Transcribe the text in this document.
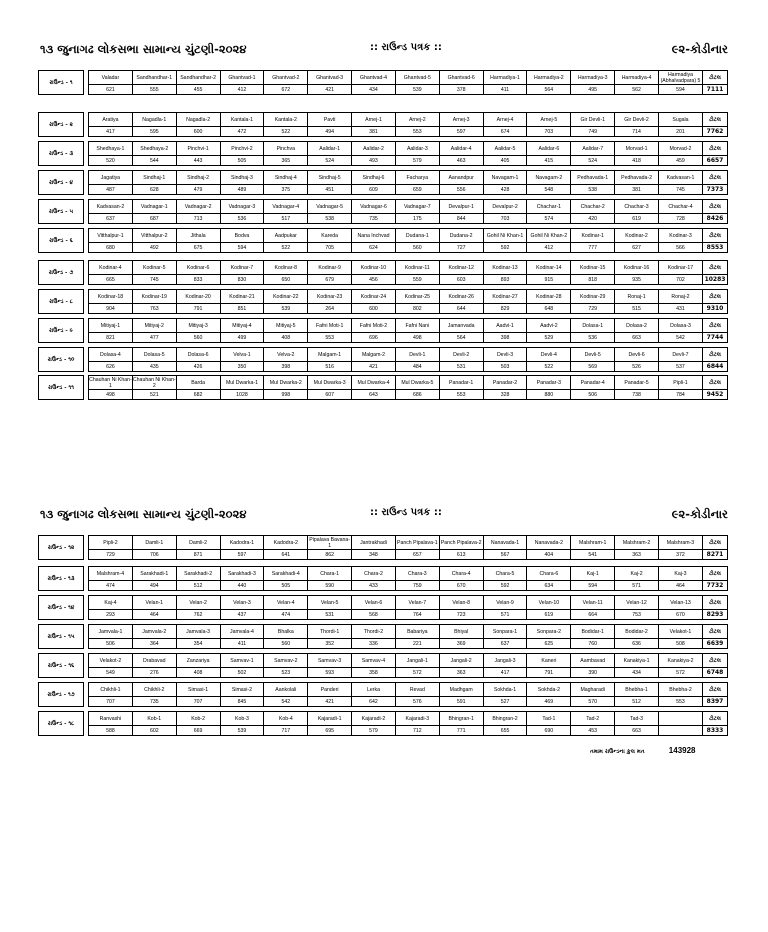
૧૩ જુનાગઢ લોકસભા સામાન્ય ચુંટણી-૨૦૨૪	:: રાઉન્ડ પત્રક ::	૯૨-કોડીનાર
રાઉન્ડ - ૧		Valadar	Sandhandhar-1	Sandhandhar-2	Ghantvad-1	Ghantvad-2	Ghantvad-3	Ghantvad-4	Ghantvad-5	Ghantvad-6	Harmadiya-1	Harmadiya-2	Harmadiya-3	Harmadiya-4	Harmadiya (Abhalvadpara) 5	ટોટલ
		621	555	455	412	672	421	434	539	378	411	564	495	562	594	7111
રાઉન્ડ - ૨		Aratiya	Nagadla-1	Nagadla-2	Kantala-1	Kantala-2	Pavti	Arnej-1	Arnej-2	Arnej-3	Arnej-4	Arnej-5	Gir Devli-1	Gir Devli-2	Sugala	ટોટલ
		417	595	600	472	522	494	381	553	597	674	703	749	714	201	7762
રાઉન્ડ - ૩		Shedhaya-1	Shedhaya-2	Pinchvi-1	Pinchvi-2	Pinchva	Aalidar-1	Aalidar-2	Aalidar-3	Aalidar-4	Aalidar-5	Aalidar-6	Aalidar-7	Morvad-1	Morvad-2	ટોટલ
		520	544	443	505	365	524	493	579	463	405	415	524	418	459	6657
રાઉન્ડ - ૪		Jagatiya	Sindhaj-1	Sindhaj-2	Sindhaj-3	Sindhaj-4	Sindhaj-5	Sindhaj-6	Facharya	Aanandpur	Navagam-1	Navagam-2	Pedhavada-1	Pedhavada-2	Kadvasan-1	ટોટલ
		487	628	479	489	375	451	609	659	556	428	548	538	381	745	7373
રાઉન્ડ - ૫		Kadvasan-2	Vadnagar-1	Vadnagar-2	Vadnagar-3	Vadnagar-4	Vadnagar-5	Vadnagar-6	Vadnagar-7	Devalpur-1	Devalpur-2	Chachar-1	Chachar-2	Chachar-3	Chachar-4	ટોટલ
		637	687	713	536	517	538	735	175	844	703	574	420	619	728	8426
રાઉન્ડ - ૬		Vitthalpur-1	Vitthalpur-2	Jithala	Bodva	Aadpukar	Kareda	Nana Inchvad	Dudana-1	Dudana-2	Gohil Ni Khan-1	Gohil Ni Khan-2	Kodinar-1	Kodinar-2	Kodinar-3	ટોટલ
		680	492	675	594	522	705	624	560	727	592	412	777	627	566	8553
રાઉન્ડ - ૭		Kodinar-4	Kodinar-5	Kodinar-6	Kodinar-7	Kodinar-8	Kodinar-9	Kodinar-10	Kodinar-11	Kodinar-12	Kodinar-13	Kodinar-14	Kodinar-15	Kodinar-16	Kodinar-17	ટોટલ
		665	745	833	830	650	679	456	559	603	893	915	818	935	702	10283
રાઉન્ડ - ૮		Kodinar-18	Kodinar-19	Kodinar-20	Kodinar-21	Kodinar-22	Kodinar-23	Kodinar-24	Kodinar-25	Kodinar-26	Kodinar-27	Kodinar-28	Kodinar-29	Ronaj-1	Ronaj-2	ટોટલ
		904	763	791	851	539	264	600	802	644	829	648	729	515	431	9310
રાઉન્ડ - ૯		Mitiyaj-1	Mitiyaj-2	Mitiyaj-3	Mitiyaj-4	Mitiyaj-5	Fafni Moti-1	Fafni Moti-2	Fafni Nani	Jamanvada	Aadvi-1	Aadvi-2	Dolasa-1	Dolasa-2	Dolasa-3	ટોટલ
		821	477	560	499	408	553	696	498	564	398	529	536	663	542	7744
રાઉન્ડ - ૧૦		Dolasa-4	Dolasa-5	Dolasa-6	Velva-1	Velva-2	Malgam-1	Malgam-2	Devli-1	Devli-2	Devli-3	Devli-4	Devli-5	Devli-6	Devli-7	ટોટલ
		626	435	426	350	398	516	421	484	531	503	522	569	526	537	6844
રાઉન્ડ - ૧૧		Chauhan Ni Khan-1	Chauhan Ni Khan-2	Barda	Mul Dwarka-1	Mul Dwarka-2	Mul Dwarka-3	Mul Dwarka-4	Mul Dwarka-5	Panadar-1	Panadar-2	Panadar-3	Panadar-4	Panadar-5	Pipli-1	ટોટલ
		498	521	682	1028	998	607	643	686	553	328	880	506	738	784	9452
૧૩ જુનાગઢ લોકસભા સામાન્ય ચુંટણી-૨૦૨૪	:: રાઉન્ડ પત્રક ::	૯૨-કોડીનાર
રાઉન્ડ - ૧૨		Pipli-2	Damli-1	Damli-2	Kadodra-1	Kadodra-2	Pipalava Bavana-1	Jantrakhadi	Panch Pipalava-1	Panch Pipalava-2	Nanavada-1	Nanavada-2	Malshram-1	Malshram-2	Malshram-3	ટોટલ
		729	706	871	597	641	862	348	657	613	567	404	541	363	372	8271
રાઉન્ડ - ૧૩		Malshram-4	Sarakhadi-1	Sarakhadi-2	Sarakhadi-3	Sarakhadi-4	Chara-1	Chara-2	Chara-3	Chara-4	Chara-5	Chara-6	Kaj-1	Kaj-2	Kaj-3	ટોટલ
		474	494	512	440	505	590	433	759	670	592	634	594	571	464	7732
રાઉન્ડ - ૧૪		Kaj-4	Velan-1	Velan-2	Velan-3	Velan-4	Velan-5	Velan-6	Velan-7	Velan-8	Velan-9	Velan-10	Velan-11	Velan-12	Velan-13	ટોટલ
		293	464	762	437	474	531	568	764	723	571	619	664	753	670	8293
રાઉન્ડ - ૧૫		Jamvala-1	Jamvala-2	Jamvala-3	Jamvala-4	Bhalka	Thordi-1	Thordi-2	Babariya	Bhiyal	Sonpara-1	Sonpara-2	Bodidar-1	Bodidar-2	Velakot-1	ટોટલ
		506	364	354	411	560	352	336	221	369	637	625	760	636	508	6639
રાઉન્ડ - ૧૬		Velakot-2	Drabavad	Zanzariya	Samvav-1	Samvav-2	Samvav-3	Samvav-4	Jangali-1	Jangali-2	Jangali-3	Kaneri	Aambavad	Kanakiya-1	Kanakiya-2	ટોટલ
		549	276	408	502	523	593	358	572	363	417	791	390	434	572	6748
રાઉન્ડ - ૧૭		Chikhli-1	Chikhli-2	Simasi-1	Simasi-2	Aankolali	Panderi	Lerka	Revad	Madhgam	Sokhda-1	Sokhda-2	Magharadi	Bhebha-1	Bhebha-2	ટોટલ
		707	735	707	845	542	421	642	576	591	527	469	570	512	553	8397
રાઉન્ડ - ૧૮		Ranvashi	Kob-1	Kob-2	Kob-3	Kob-4	Kajaradi-1	Kajaradi-2	Kajaradi-3	Bhingran-1	Bhingran-2	Tad-1	Tad-2	Tad-3		ટોટલ
		588	602	669	539	717	695	579	712	771	655	690	453	663		8333
તમામ રાઉન્ડના કુલ મત	143928
